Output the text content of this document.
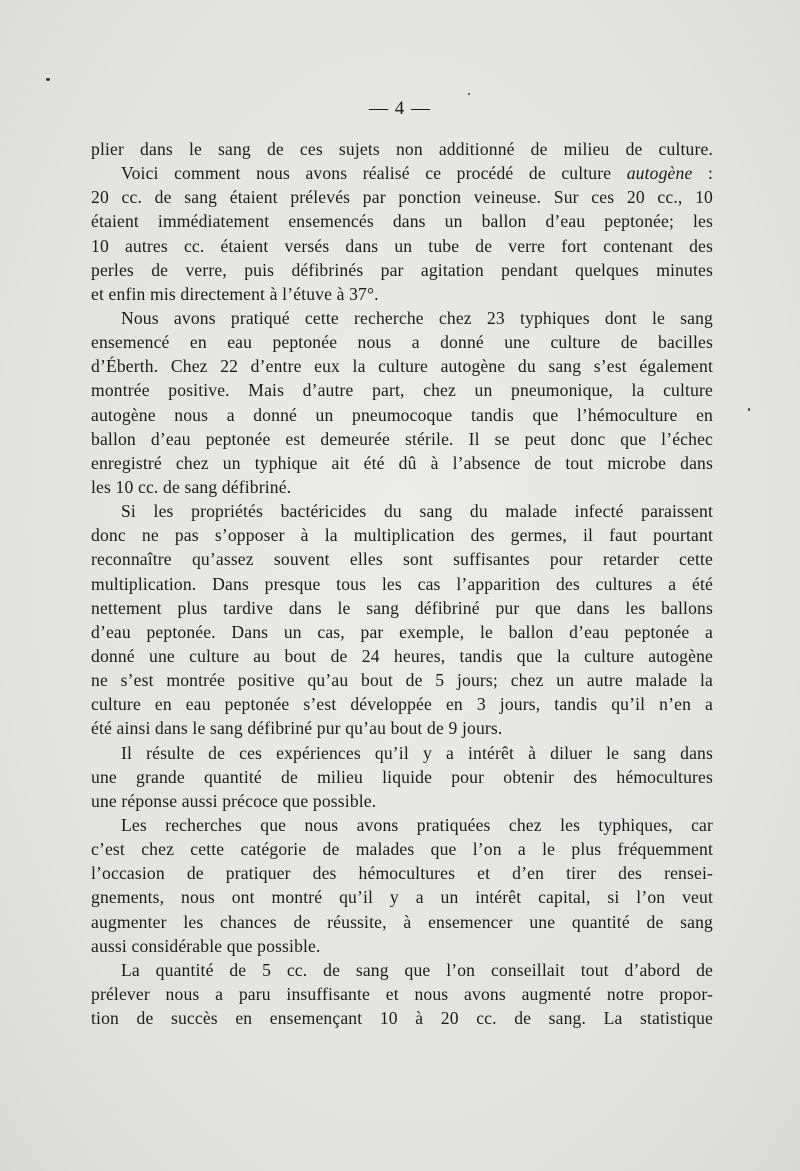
— 4 —
plier dans le sang de ces sujets non additionné de milieu de culture.
Voici comment nous avons réalisé ce procédé de culture autogène :
20 cc. de sang étaient prélevés par ponction veineuse. Sur ces 20 cc., 10
étaient immédiatement ensemencés dans un ballon d’eau peptonée; les
10 autres cc. étaient versés dans un tube de verre fort contenant des
perles de verre, puis défibrinés par agitation pendant quelques minutes
et enfin mis directement à l’étuve à 37°.
Nous avons pratiqué cette recherche chez 23 typhiques dont le sang
ensemencé en eau peptonée nous a donné une culture de bacilles
d’Éberth. Chez 22 d’entre eux la culture autogène du sang s’est également
montrée positive. Mais d’autre part, chez un pneumonique, la culture
autogène nous a donné un pneumocoque tandis que l’hémoculture en
ballon d’eau peptonée est demeurée stérile. Il se peut donc que l’échec
enregistré chez un typhique ait été dû à l’absence de tout microbe dans
les 10 cc. de sang défibriné.
Si les propriétés bactéricides du sang du malade infecté paraissent
donc ne pas s’opposer à la multiplication des germes, il faut pourtant
reconnaître qu’assez souvent elles sont suffisantes pour retarder cette
multiplication. Dans presque tous les cas l’apparition des cultures a été
nettement plus tardive dans le sang défibriné pur que dans les ballons
d’eau peptonée. Dans un cas, par exemple, le ballon d’eau peptonée a
donné une culture au bout de 24 heures, tandis que la culture autogène
ne s’est montrée positive qu’au bout de 5 jours; chez un autre malade la
culture en eau peptonée s’est développée en 3 jours, tandis qu’il n’en a
été ainsi dans le sang défibriné pur qu’au bout de 9 jours.
Il résulte de ces expériences qu’il y a intérêt à diluer le sang dans
une grande quantité de milieu liquide pour obtenir des hémocultures
une réponse aussi précoce que possible.
Les recherches que nous avons pratiquées chez les typhiques, car
c’est chez cette catégorie de malades que l’on a le plus fréquemment
l’occasion de pratiquer des hémocultures et d’en tirer des rensei-
gnements, nous ont montré qu’il y a un intérêt capital, si l’on veut
augmenter les chances de réussite, à ensemencer une quantité de sang
aussi considérable que possible.
La quantité de 5 cc. de sang que l’on conseillait tout d’abord de
prélever nous a paru insuffisante et nous avons augmenté notre propor-
tion de succès en ensemençant 10 à 20 cc. de sang. La statistique
